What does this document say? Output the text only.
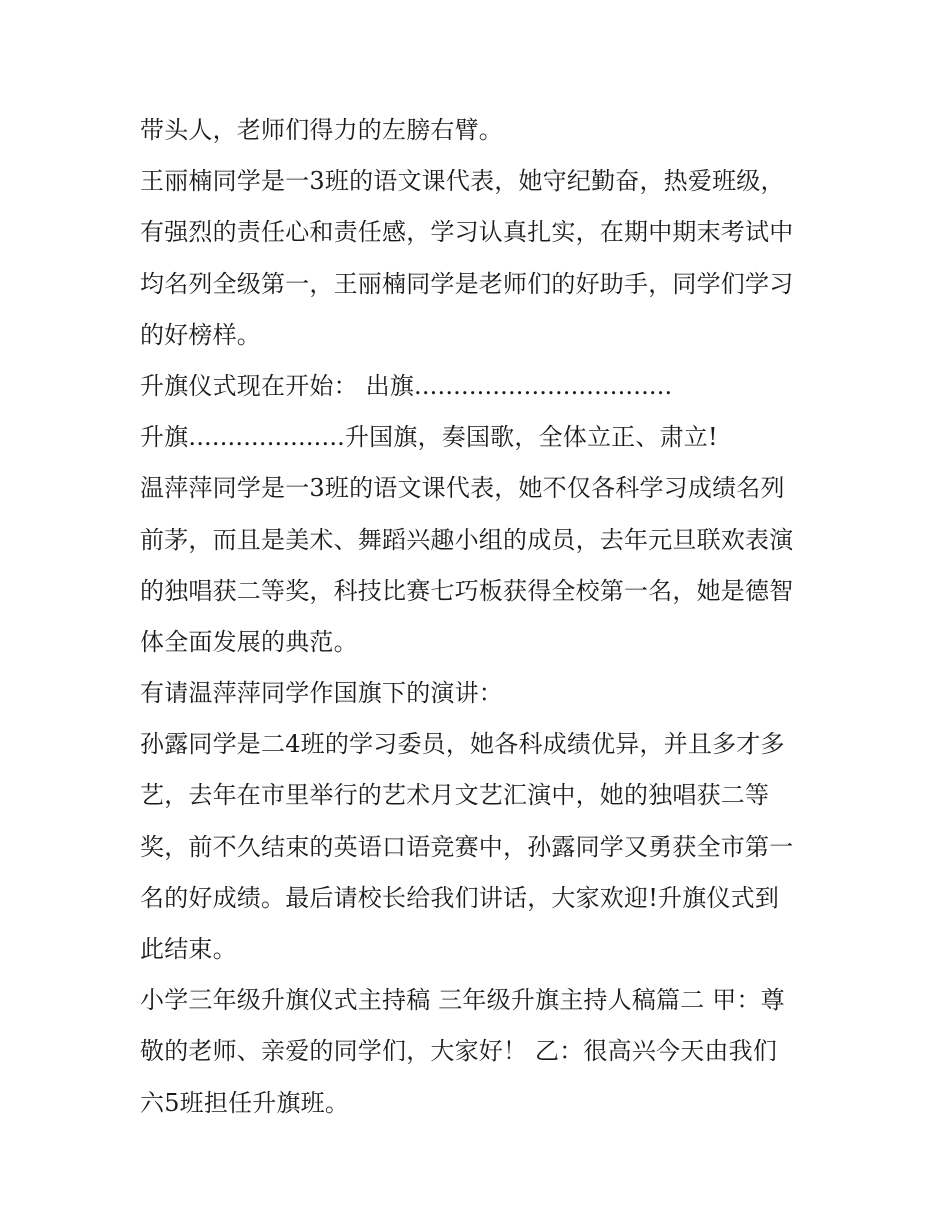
带头人，老师们得力的左膀右臂。
王丽楠同学是一3班的语文课代表，她守纪勤奋，热爱班级，
有强烈的责任心和责任感，学习认真扎实，在期中期末考试中
均名列全级第一，王丽楠同学是老师们的好助手，同学们学习
的好榜样。
升旗仪式现在开始： 出旗.................................
升旗....................升国旗，奏国歌，全体立正、肃立!
温萍萍同学是一3班的语文课代表，她不仅各科学习成绩名列
前茅，而且是美术、舞蹈兴趣小组的成员，去年元旦联欢表演
的独唱获二等奖，科技比赛七巧板获得全校第一名，她是德智
体全面发展的典范。
有请温萍萍同学作国旗下的演讲：
孙露同学是二4班的学习委员，她各科成绩优异，并且多才多
艺，去年在市里举行的艺术月文艺汇演中，她的独唱获二等
奖，前不久结束的英语口语竞赛中，孙露同学又勇获全市第一
名的好成绩。最后请校长给我们讲话，大家欢迎!升旗仪式到
此结束。
小学三年级升旗仪式主持稿 三年级升旗主持人稿篇二 甲：尊
敬的老师、亲爱的同学们，大家好！ 乙：很高兴今天由我们
六5班担任升旗班。
